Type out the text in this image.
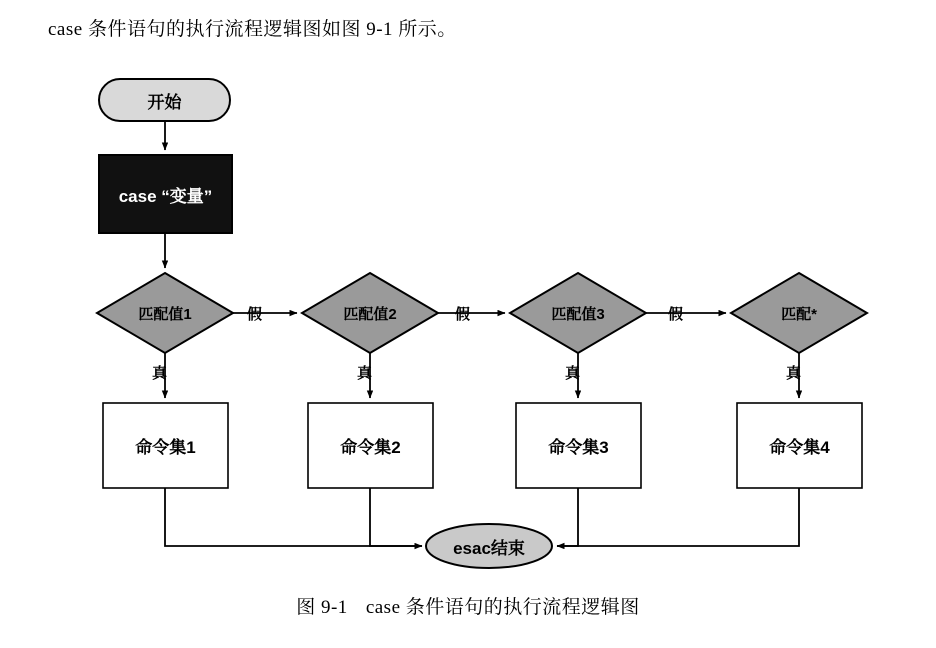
case 条件语句的执行流程逻辑图如图 9-1 所示。
开始
case “变量”
匹配值1	匹配值2	匹配值3	匹配*
命令集1	命令集2	命令集3	命令集4
esac结束
假	假	假
真	真	真	真
图 9-1 case 条件语句的执行流程逻辑图
